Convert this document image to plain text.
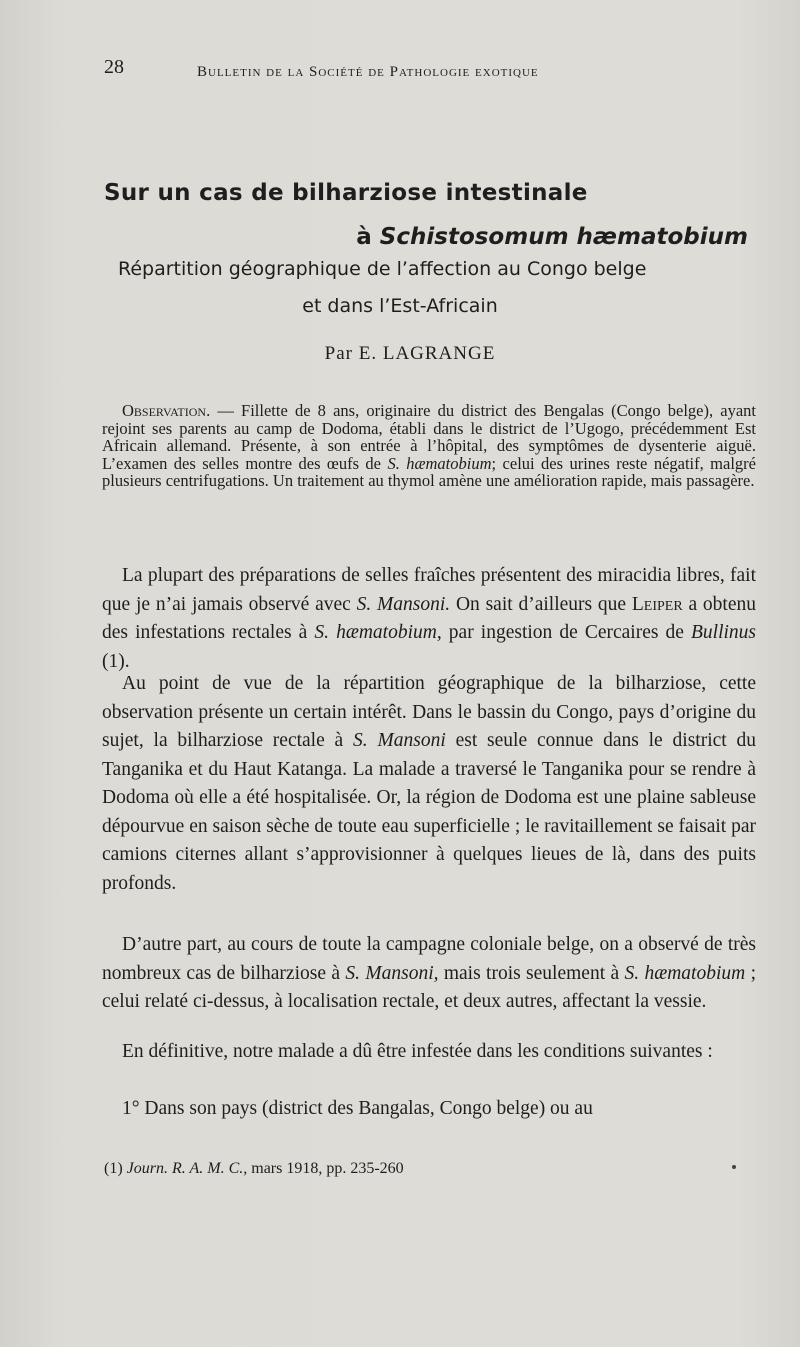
28	Bulletin de la Société de Pathologie exotique
Sur un cas de bilharziose intestinale
à Schistosomum hæmatobium
Répartition géographique de l’affection au Congo belge
et dans l’Est-Africain
Par E. LAGRANGE
Observation. — Fillette de 8 ans, originaire du district des Bengalas (Congo belge), ayant rejoint ses parents au camp de Dodoma, établi dans le district de l’Ugogo, précédemment Est Africain allemand. Présente, à son entrée à l’hôpital, des symptômes de dysenterie aiguë. L’examen des selles montre des œufs de S. hæmatobium; celui des urines reste négatif, malgré plusieurs centrifugations. Un traitement au thymol amène une amélioration rapide, mais passagère.
La plupart des préparations de selles fraîches présentent des miracidia libres, fait que je n’ai jamais observé avec S. Mansoni. On sait d’ailleurs que Leiper a obtenu des infestations rectales à S. hæmatobium, par ingestion de Cercaires de Bullinus (1).
Au point de vue de la répartition géographique de la bilharziose, cette observation présente un certain intérêt. Dans le bassin du Congo, pays d’origine du sujet, la bilharziose rectale à S. Mansoni est seule connue dans le district du Tanganika et du Haut Katanga. La malade a traversé le Tanganika pour se rendre à Dodoma où elle a été hospitalisée. Or, la région de Dodoma est une plaine sableuse dépourvue en saison sèche de toute eau superficielle ; le ravitaillement se faisait par camions citernes allant s’approvisionner à quelques lieues de là, dans des puits profonds.
D’autre part, au cours de toute la campagne coloniale belge, on a observé de très nombreux cas de bilharziose à S. Mansoni, mais trois seulement à S. hæmatobium ; celui relaté ci-dessus, à localisation rectale, et deux autres, affectant la vessie.
En définitive, notre malade a dû être infestée dans les conditions suivantes :
1° Dans son pays (district des Bangalas, Congo belge) ou au
(1) Journ. R. A. M. C., mars 1918, pp. 235-260
